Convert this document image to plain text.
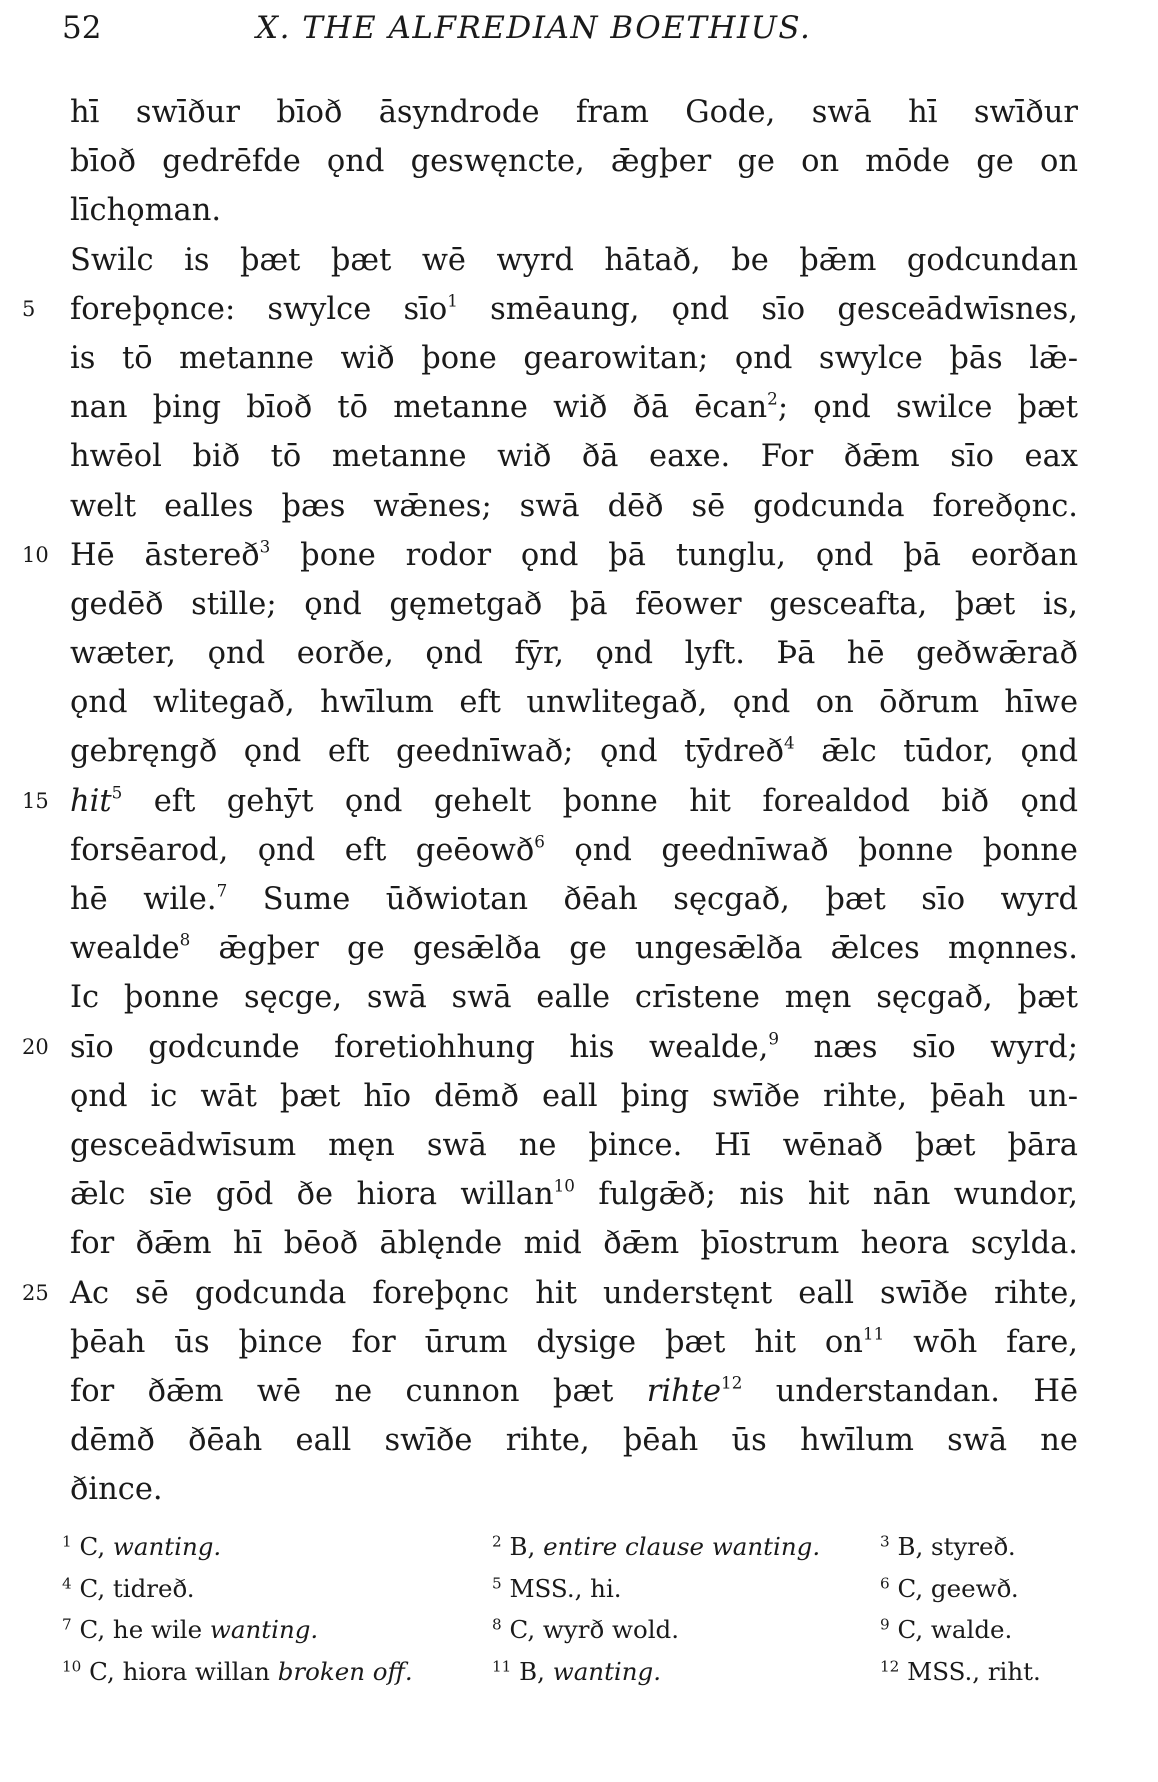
52	X. THE ALFREDIAN BOETHIUS.
hī swīður bīoð āsyndrode fram Gode, swā hī swīður
bīoð gedrēfde ǫnd geswęncte, ǣgþer ge on mōde ge on
līchǫman.
Swilc is þæt þæt wē wyrd hātað, be þǣm godcundan
5	foreþǫnce: swylce sīo$^1$ smēaung, ǫnd sīo gesceādwīsnes,
is tō metanne wið þone gearowitan; ǫnd swylce þās lǣ-
nan þing bīoð tō metanne wið ðā ēcan$^2$; ǫnd swilce þæt
hwēol bið tō metanne wið ðā eaxe. For ðǣm sīo eax
welt ealles þæs wǣnes; swā dēð sē godcunda foreðǫnc.
10 Hē āstereð$^3$ þone rodor ǫnd þā tunglu, ǫnd þā eorðan
gedēð stille; ǫnd gęmetgað þā fēower gesceafta, þæt is,
wæter, ǫnd eorðe, ǫnd fȳr, ǫnd lyft. Þā hē geðwǣrað
ǫnd wlitegað, hwīlum eft unwlitegað, ǫnd on ōðrum hīwe
gebręngð ǫnd eft geednīwað; ǫnd tȳdreð$^4$ ǣlc tūdor, ǫnd
15 hit$^5$ eft gehȳt ǫnd gehelt þonne hit forealdod bið ǫnd
forsēarod, ǫnd eft geēowð$^6$ ǫnd geednīwað þonne þonne
hē wile.$^7$ Sume ūðwiotan ðēah sęcgað, þæt sīo wyrd
wealde$^8$ ǣgþer ge gesǣlða ge ungesǣlða ǣlces mǫnnes.
Ic þonne sęcge, swā swā ealle crīstene męn sęcgað, þæt
20 sīo godcunde foretiohhung his wealde,$^9$ næs sīo wyrd;
ǫnd ic wāt þæt hīo dēmð eall þing swīðe rihte, þēah un-
gesceādwīsum męn swā ne þince. Hī wēnað þæt þāra
ǣlc sīe gōd ðe hiora willan$^{10}$ fulgǣð; nis hit nān wundor,
for ðǣm hī bēoð āblęnde mid ðǣm þīostrum heora scylda.
25 Ac sē godcunda foreþǫnc hit understęnt eall swīðe rihte,
þēah ūs þince for ūrum dysige þæt hit $on^{11}$ wōh fare,
for ðǣm wē ne cunnon þæt rihte$^{12}$ understandan. Hē
dēmð ðēah eall swīðe rihte, þēah ūs hwīlum swā ne
ðince.
$^1$ C, wanting.	$^2$ B, entire clause wanting.	$^3$ B, styreð.
$^4$ C, tidreð.	$^5$ MSS., hi.	$^6$ C, geewð.
$^7$ C, he wile wanting.	$^8$ C, wyrð wold.	$^9$ C, walde.
$^{10}$ C, hiora willan broken off.	$^{11}$ B, wanting.	$^{12}$ MSS., riht.
